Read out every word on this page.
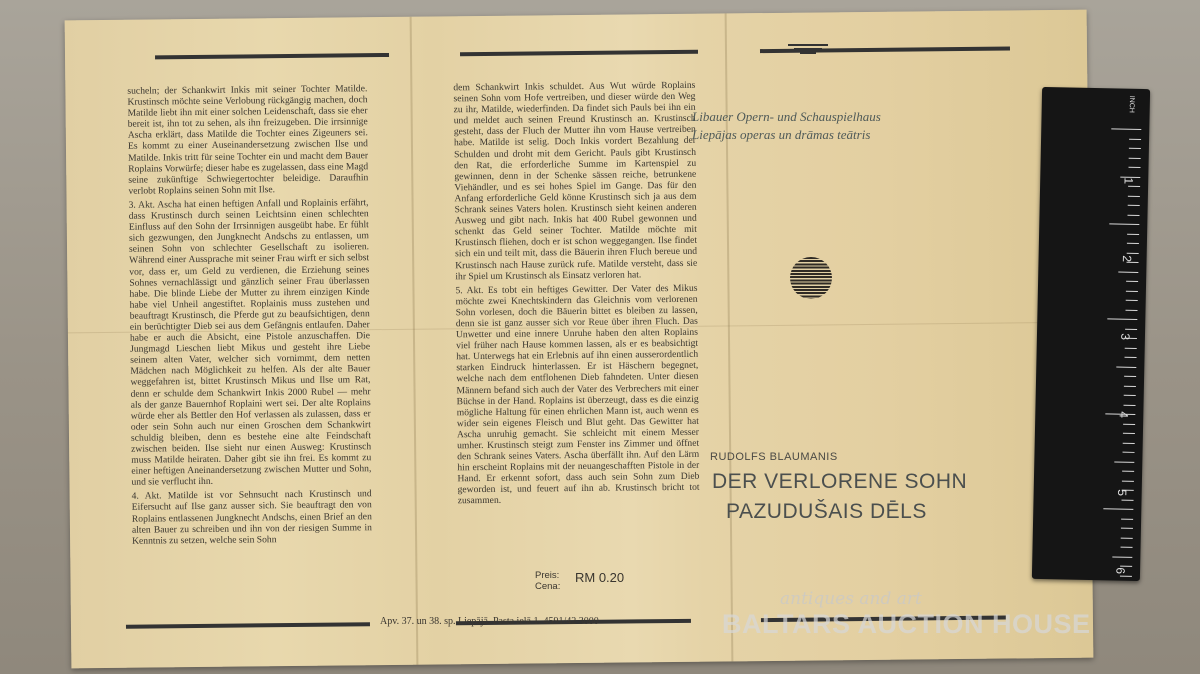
sucheln; der Schankwirt Inkis mit seiner Tochter Matilde. Krustinsch möchte seine Verlobung rückgängig machen, doch Matilde liebt ihn mit einer solchen Leidenschaft, dass sie eher bereit ist, ihn tot zu sehen, als ihn freizugeben. Die irrsinnige Ascha erklärt, dass Matilde die Tochter eines Zigeuners sei. Es kommt zu einer Auseinandersetzung zwischen Ilse und Matilde. Inkis tritt für seine Tochter ein und macht dem Bauer Roplains Vorwürfe; dieser habe es zugelassen, dass eine Magd seine zukünftige Schwiegertochter beleidige. Daraufhin verlobt Roplains seinen Sohn mit Ilse.

3. Akt. Ascha hat einen heftigen Anfall und Roplainis erfährt, dass Krustinsch durch seinen Leichtsinn einen schlechten Einfluss auf den Sohn der Irrsinnigen ausgeübt habe. Er fühlt sich gezwungen, den Jungknecht Andschs zu entlassen, um seinen Sohn von schlechter Gesellschaft zu isolieren. Während einer Aussprache mit seiner Frau wirft er sich selbst vor, dass er, um Geld zu verdienen, die Erziehung seines Sohnes vernachlässigt und gänzlich seiner Frau überlassen habe. Die blinde Liebe der Mutter zu ihrem einzigen Kinde habe viel Unheil angestiftet. Roplainis muss zustehen und beauftragt Krustinsch, die Pferde gut zu beaufsichtigen, denn ein berüchtigter Dieb sei aus dem Gefängnis entlaufen. Daher habe er auch die Absicht, eine Pistole anzuschaffen. Die Jungmagd Lieschen liebt Mikus und gesteht ihre Liebe seinem alten Vater, welcher sich vornimmt, dem netten Mädchen nach Möglichkeit zu helfen. Als der alte Bauer weggefahren ist, bittet Krustinsch Mikus und Ilse um Rat, denn er schulde dem Schankwirt Inkis 2000 Rubel — mehr als der ganze Bauernhof Roplaini wert sei. Der alte Roplains würde eher als Bettler den Hof verlassen als zulassen, dass er oder sein Sohn auch nur einen Groschen dem Schankwirt schuldig bleiben, denn es bestehe eine alte Feindschaft zwischen beiden. Ilse sieht nur einen Ausweg: Krustinsch muss Matilde heiraten. Daher gibt sie ihn frei. Es kommt zu einer heftigen Aneinandersetzung zwischen Mutter und Sohn, und sie verflucht ihn.

4. Akt. Matilde ist vor Sehnsucht nach Krustinsch und Eifersucht auf Ilse ganz ausser sich. Sie beauftragt den von Roplains entlassenen Jungknecht Andschs, einen Brief an den alten Bauer zu schreiben und ihn von der riesigen Summe in Kenntnis zu setzen, welche sein Sohn

dem Schankwirt Inkis schuldet. Aus Wut würde Roplains seinen Sohn vom Hofe vertreiben, und dieser würde den Weg zu ihr, Matilde, wiederfinden. Da findet sich Pauls bei ihn ein und meldet auch seinen Freund Krustinsch an. Krustinsch gesteht, dass der Fluch der Mutter ihn vom Hause vertreiben habe. Matilde ist selig. Doch Inkis vordert Bezahlung der Schulden und droht mit dem Gericht. Pauls gibt Krustinsch den Rat, die erforderliche Summe im Kartenspiel zu gewinnen, denn in der Schenke sässen reiche, betrunkene Viehändler, und es sei hohes Spiel im Gange. Das für den Anfang erforderliche Geld könne Krustinsch sich ja aus dem Schrank seines Vaters holen. Krustinsch sieht keinen anderen Ausweg und gibt nach. Inkis hat 400 Rubel gewonnen und schenkt das Geld seiner Tochter. Matilde möchte mit Krustinsch fliehen, doch er ist schon weggegangen. Ilse findet sich ein und teilt mit, dass die Bäuerin ihren Fluch bereue und Krustinsch nach Hause zurück rufe. Matilde versteht, dass sie ihr Spiel um Krustinsch als Einsatz verloren hat.

5. Akt. Es tobt ein heftiges Gewitter. Der Vater des Mikus möchte zwei Knechtskindern das Gleichnis vom verlorenen Sohn vorlesen, doch die Bäuerin bittet es bleiben zu lassen, denn sie ist ganz ausser sich vor Reue über ihren Fluch. Das Unwetter und eine innere Unruhe haben den alten Roplains viel früher nach Hause kommen lassen, als er es beabsichtigt hat. Unterwegs hat ein Erlebnis auf ihn einen ausserordentlich starken Eindruck hinterlassen. Er ist Häschern begegnet, welche nach dem entflohenen Dieb fahndeten. Unter diesen Männern befand sich auch der Vater des Verbrechers mit einer Büchse in der Hand. Roplains ist überzeugt, dass es die einzig mögliche Haltung für einen ehrlichen Mann ist, auch wenn es wider sein eigenes Fleisch und Blut geht. Das Gewitter hat Ascha unruhig gemacht. Sie schleicht mit einem Messer umher. Krustinsch steigt zum Fenster ins Zimmer und öffnet den Schrank seines Vaters. Ascha überfällt ihn. Auf den Lärm hin erscheint Roplains mit der neuangeschafften Pistole in der Hand. Er erkennt sofort, dass auch sein Sohn zum Dieb geworden ist, und feuert auf ihn ab. Krustinsch bricht tot zusammen.

Libauer Opern- und Schauspielhaus
Liepājas operas un drāmas teātris
RUDOLFS BLAUMANIS
DER VERLORENE SOHN
PAZUDUŠAIS DĒLS
Preis:
Cena:
RM 0.20
Apv. 37. un 38. sp. Liepājā. Pasta ielā 1. 4591/42 3000
INCH
1
2
3
4
5
6
antiques and art
BALTARS AUCTION HOUSE
